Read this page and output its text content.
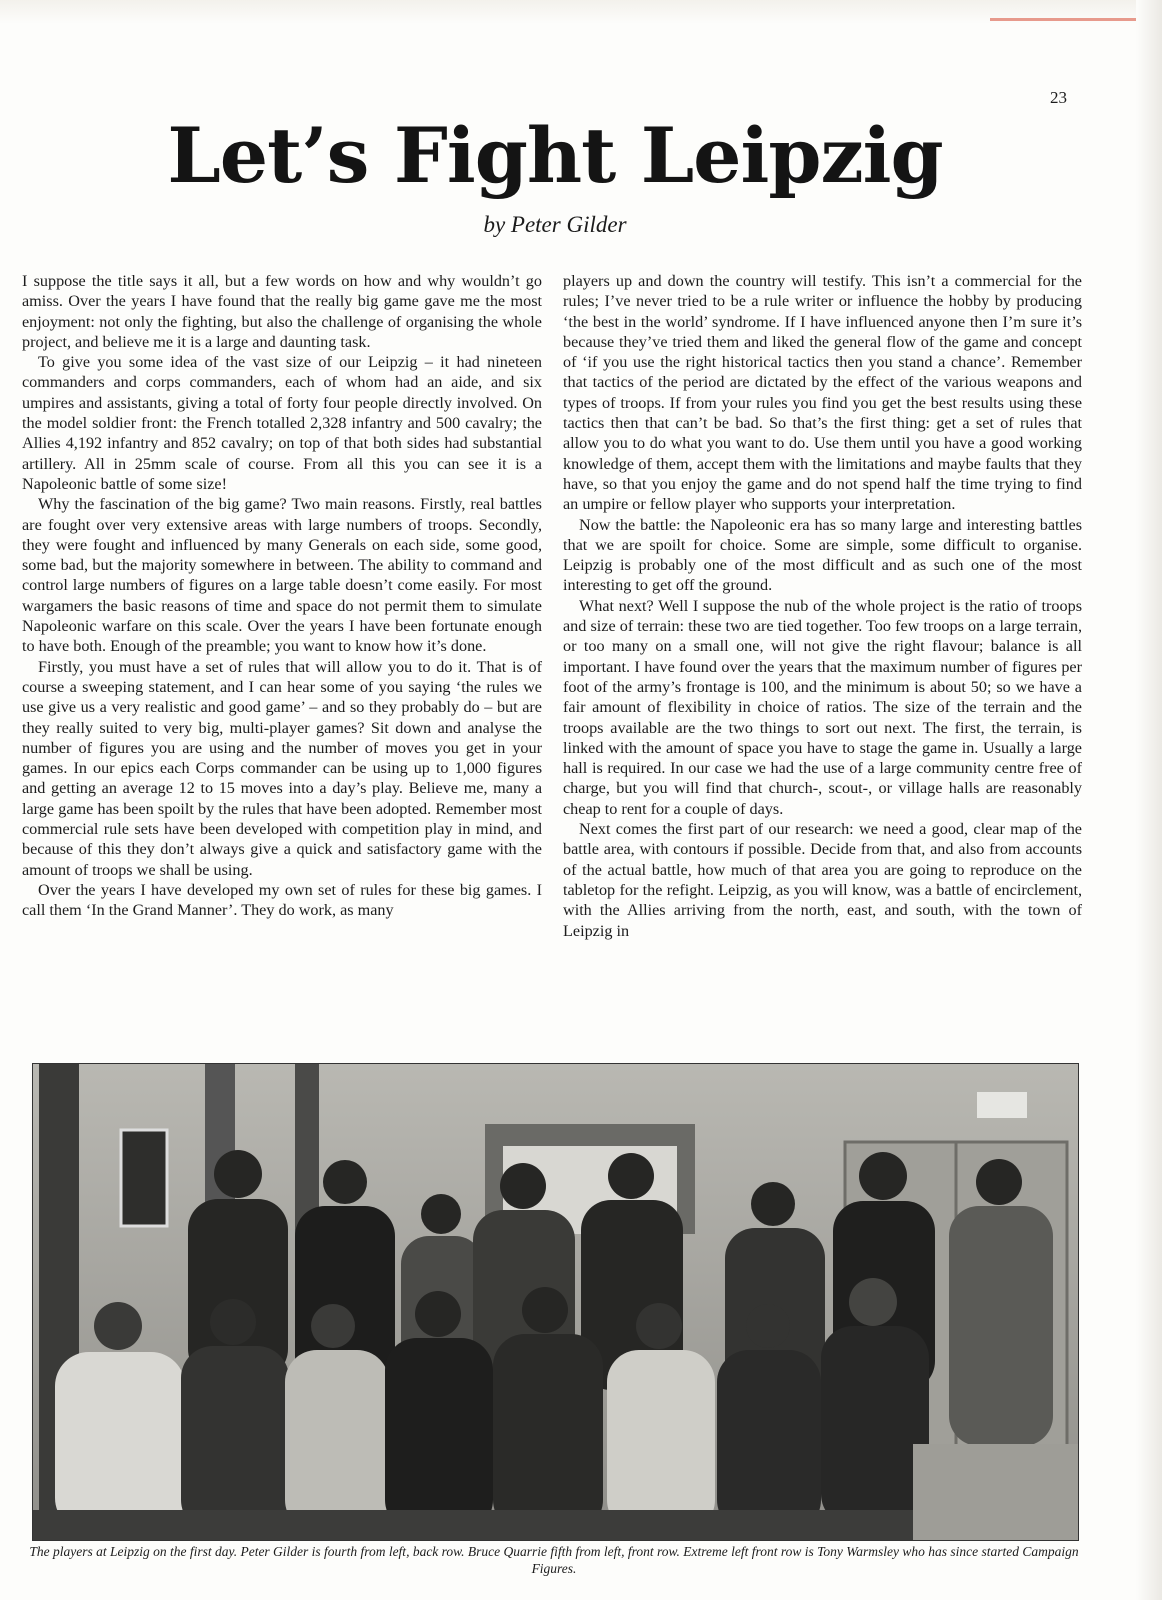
23
Let’s Fight Leipzig
by Peter Gilder

I suppose the title says it all, but a few words on how and why wouldn’t go amiss. Over the years I have found that the really big game gave me the most enjoyment: not only the fighting, but also the challenge of organising the whole project, and believe me it is a large and daunting task.

To give you some idea of the vast size of our Leipzig – it had nineteen commanders and corps commanders, each of whom had an aide, and six umpires and assistants, giving a total of forty four people directly involved. On the model soldier front: the French totalled 2,328 infantry and 500 cavalry; the Allies 4,192 infantry and 852 cavalry; on top of that both sides had substantial artillery. All in 25mm scale of course. From all this you can see it is a Napoleonic battle of some size!

Why the fascination of the big game? Two main reasons. Firstly, real battles are fought over very extensive areas with large numbers of troops. Secondly, they were fought and influenced by many Generals on each side, some good, some bad, but the majority somewhere in between. The ability to command and control large numbers of figures on a large table doesn’t come easily. For most wargamers the basic reasons of time and space do not permit them to simulate Napoleonic warfare on this scale. Over the years I have been fortunate enough to have both. Enough of the preamble; you want to know how it’s done.

Firstly, you must have a set of rules that will allow you to do it. That is of course a sweeping statement, and I can hear some of you saying ‘the rules we use give us a very realistic and good game’ – and so they probably do – but are they really suited to very big, multi-player games? Sit down and analyse the number of figures you are using and the number of moves you get in your games. In our epics each Corps commander can be using up to 1,000 figures and getting an average 12 to 15 moves into a day’s play. Believe me, many a large game has been spoilt by the rules that have been adopted. Remember most commercial rule sets have been developed with competition play in mind, and because of this they don’t always give a quick and satisfactory game with the amount of troops we shall be using.

Over the years I have developed my own set of rules for these big games. I call them ‘In the Grand Manner’. They do work, as many

players up and down the country will testify. This isn’t a commercial for the rules; I’ve never tried to be a rule writer or influence the hobby by producing ‘the best in the world’ syndrome. If I have influenced anyone then I’m sure it’s because they’ve tried them and liked the general flow of the game and concept of ‘if you use the right historical tactics then you stand a chance’. Remember that tactics of the period are dictated by the effect of the various weapons and types of troops. If from your rules you find you get the best results using these tactics then that can’t be bad. So that’s the first thing: get a set of rules that allow you to do what you want to do. Use them until you have a good working knowledge of them, accept them with the limitations and maybe faults that they have, so that you enjoy the game and do not spend half the time trying to find an umpire or fellow player who supports your interpretation.

Now the battle: the Napoleonic era has so many large and interesting battles that we are spoilt for choice. Some are simple, some difficult to organise. Leipzig is probably one of the most difficult and as such one of the most interesting to get off the ground.

What next? Well I suppose the nub of the whole project is the ratio of troops and size of terrain: these two are tied together. Too few troops on a large terrain, or too many on a small one, will not give the right flavour; balance is all important. I have found over the years that the maximum number of figures per foot of the army’s frontage is 100, and the minimum is about 50; so we have a fair amount of flexibility in choice of ratios. The size of the terrain and the troops available are the two things to sort out next. The first, the terrain, is linked with the amount of space you have to stage the game in. Usually a large hall is required. In our case we had the use of a large community centre free of charge, but you will find that church-, scout-, or village halls are reasonably cheap to rent for a couple of days.

Next comes the first part of our research: we need a good, clear map of the battle area, with contours if possible. Decide from that, and also from accounts of the actual battle, how much of that area you are going to reproduce on the tabletop for the refight. Leipzig, as you will know, was a battle of encirclement, with the Allies arriving from the north, east, and south, with the town of Leipzig in

The players at Leipzig on the first day. Peter Gilder is fourth from left, back row. Bruce Quarrie fifth from left, front row. Extreme left front row is Tony Warmsley who has since started Campaign Figures.
